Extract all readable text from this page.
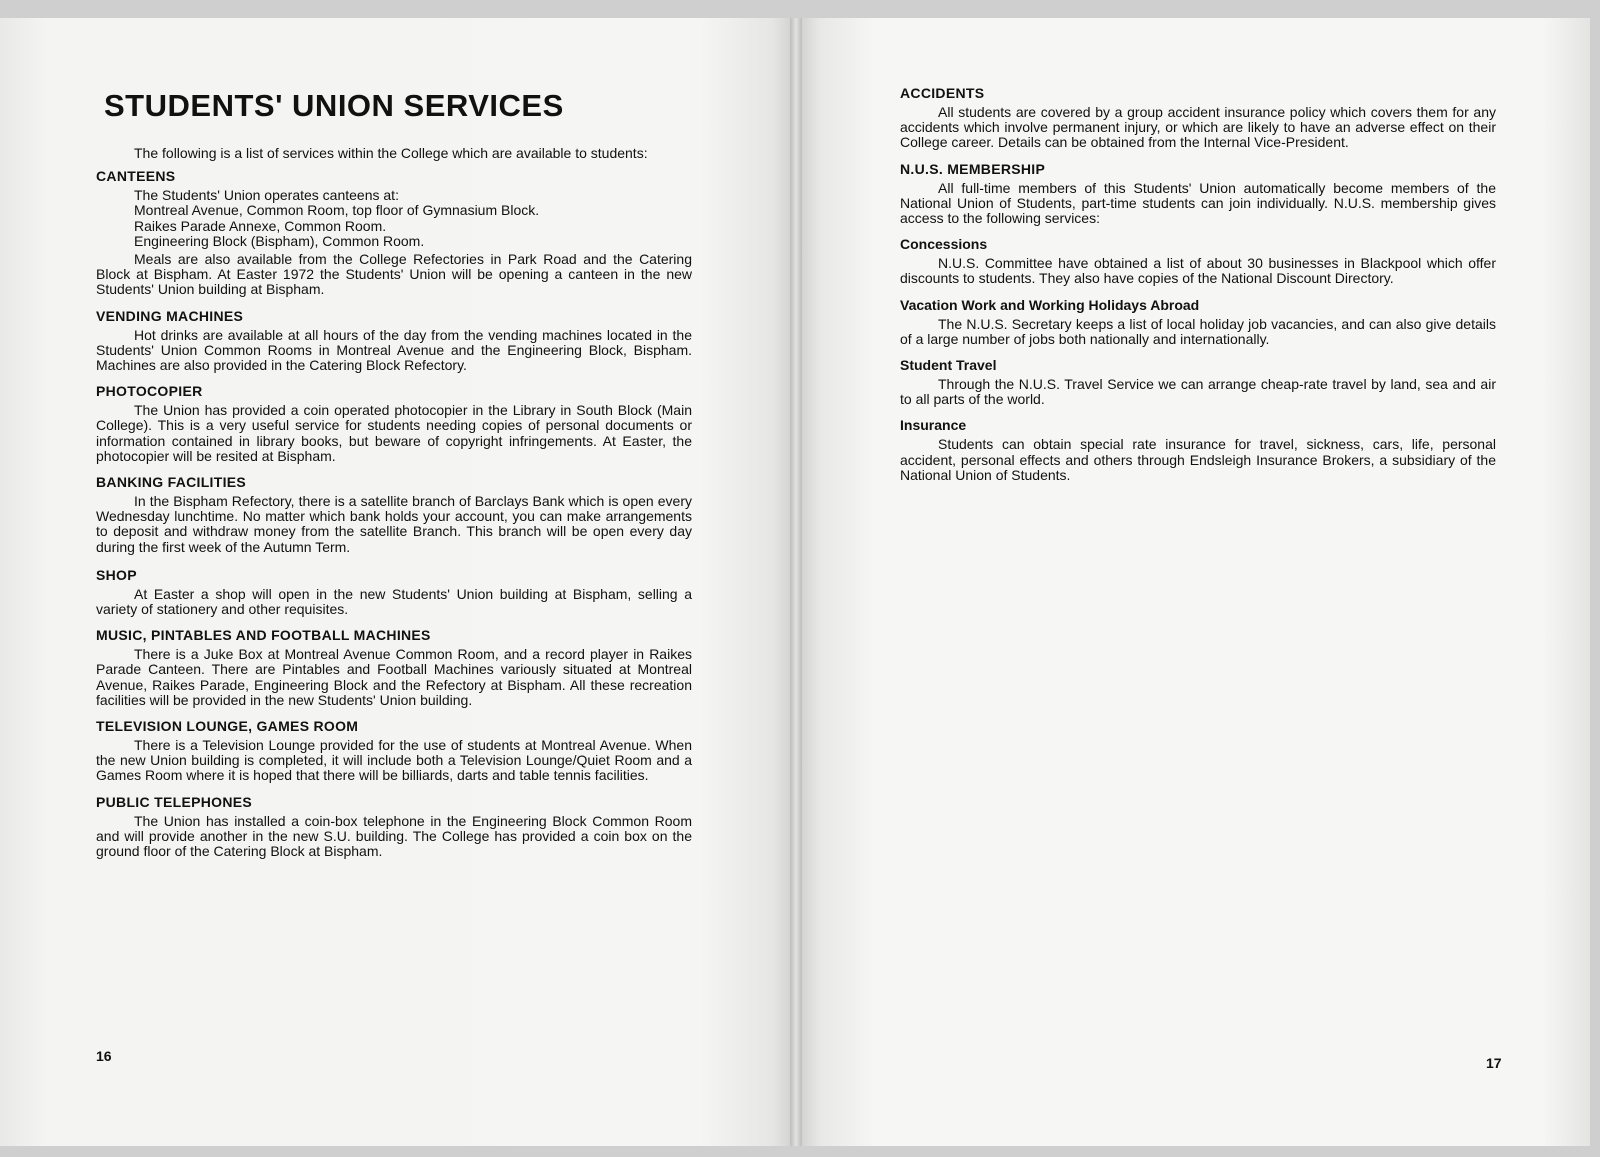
STUDENTS' UNION SERVICES

The following is a list of services within the College which are available to students:

CANTEENS

The Students' Union operates canteens at:

Montreal Avenue, Common Room, top floor of Gymnasium Block.

Raikes Parade Annexe, Common Room.

Engineering Block (Bispham), Common Room.

Meals are also available from the College Refectories in Park Road and the Catering Block at Bispham. At Easter 1972 the Students' Union will be opening a canteen in the new Students' Union building at Bispham.

VENDING MACHINES

Hot drinks are available at all hours of the day from the vending machines located in the Students' Union Common Rooms in Montreal Avenue and the Engineering Block, Bispham. Machines are also provided in the Catering Block Refectory.

PHOTOCOPIER

The Union has provided a coin operated photocopier in the Library in South Block (Main College). This is a very useful service for students needing copies of personal documents or information contained in library books, but beware of copyright infringements. At Easter, the photocopier will be resited at Bispham.

BANKING FACILITIES

In the Bispham Refectory, there is a satellite branch of Barclays Bank which is open every Wednesday lunchtime. No matter which bank holds your account, you can make arrangements to deposit and withdraw money from the satellite Branch. This branch will be open every day during the first week of the Autumn Term.

SHOP

At Easter a shop will open in the new Students' Union building at Bispham, selling a variety of stationery and other requisites.

MUSIC, PINTABLES AND FOOTBALL MACHINES

There is a Juke Box at Montreal Avenue Common Room, and a record player in Raikes Parade Canteen. There are Pintables and Football Machines variously situated at Montreal Avenue, Raikes Parade, Engineering Block and the Refectory at Bispham. All these recreation facilities will be provided in the new Students' Union building.

TELEVISION LOUNGE, GAMES ROOM

There is a Television Lounge provided for the use of students at Montreal Avenue. When the new Union building is completed, it will include both a Television Lounge/Quiet Room and a Games Room where it is hoped that there will be billiards, darts and table tennis facilities.

PUBLIC TELEPHONES

The Union has installed a coin-box telephone in the Engineering Block Common Room and will provide another in the new S.U. building. The College has provided a coin box on the ground floor of the Catering Block at Bispham.

16
ACCIDENTS

All students are covered by a group accident insurance policy which covers them for any accidents which involve permanent injury, or which are likely to have an adverse effect on their College career. Details can be obtained from the Internal Vice-President.

N.U.S. MEMBERSHIP

All full-time members of this Students' Union automatically become members of the National Union of Students, part-time students can join individually. N.U.S. membership gives access to the following services:

Concessions

N.U.S. Committee have obtained a list of about 30 businesses in Blackpool which offer discounts to students. They also have copies of the National Discount Directory.

Vacation Work and Working Holidays Abroad

The N.U.S. Secretary keeps a list of local holiday job vacancies, and can also give details of a large number of jobs both nationally and internationally.

Student Travel

Through the N.U.S. Travel Service we can arrange cheap-rate travel by land, sea and air to all parts of the world.

Insurance

Students can obtain special rate insurance for travel, sickness, cars, life, personal accident, personal effects and others through Endsleigh Insurance Brokers, a subsidiary of the National Union of Students.

17
